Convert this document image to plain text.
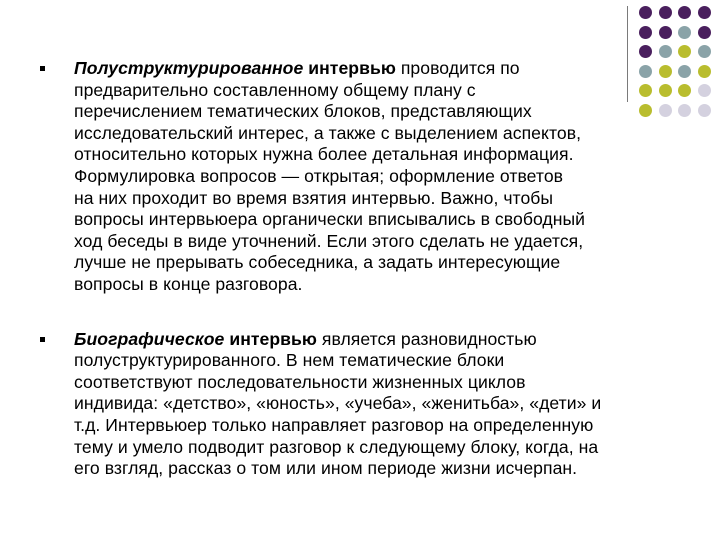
Полуструктурированное интервью проводится по
предварительно составленному общему плану с
перечислением тематических блоков, представляющих
исследовательский интерес, а также с выделением аспектов,
относительно которых нужна более детальная информация.
Формулировка вопросов — открытая; оформление ответов
на них проходит во время взятия интервью. Важно, чтобы
вопросы интервьюера органически вписывались в свободный
ход беседы в виде уточнений. Если этого сделать не удается,
лучше не прерывать собеседника, а задать интересующие
вопросы в конце разговора.

Биографическое интервью является разновидностью
полуструктурированного. В нем тематические блоки
соответствуют последовательности жизненных циклов
индивида: «детство», «юность», «учеба», «женитьба», «дети» и
т.д. Интервьюер только направляет разговор на определенную
тему и умело подводит разговор к следующему блоку, когда, на
его взгляд, рассказ о том или ином периоде жизни исчерпан.
